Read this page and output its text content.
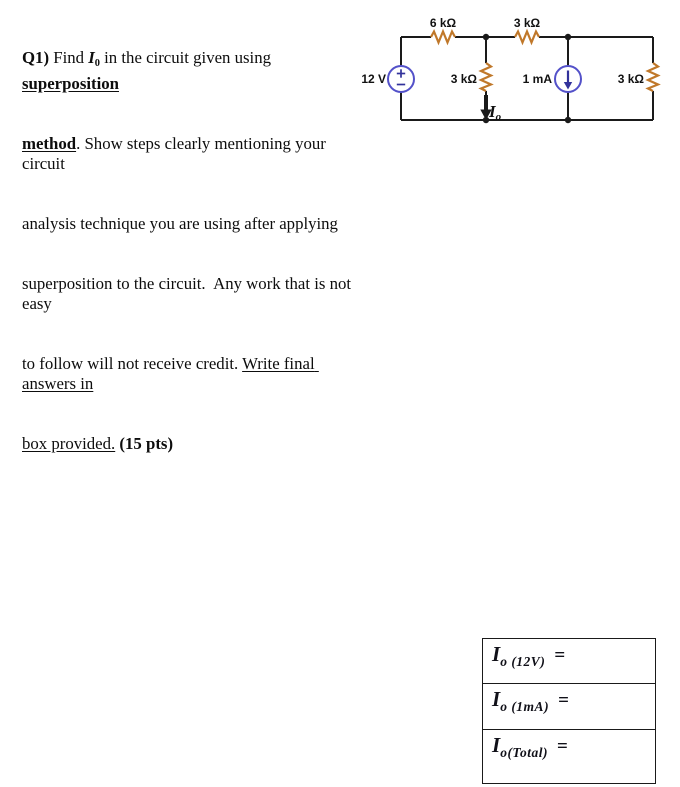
Q1) Find I0 in the circuit given using superposition

method. Show steps clearly mentioning your circuit

analysis technique you are using after applying

superposition to the circuit.  Any work that is not easy

to follow will not receive credit. Write final answers in

box provided. (15 pts)

6 kΩ	3 kΩ
3 kΩ	1 mA	3 kΩ
12 V
Io
$I_{o (12V)}$ =
$I_{o (1mA)}$ =
$I_{o(Total)}$ =
